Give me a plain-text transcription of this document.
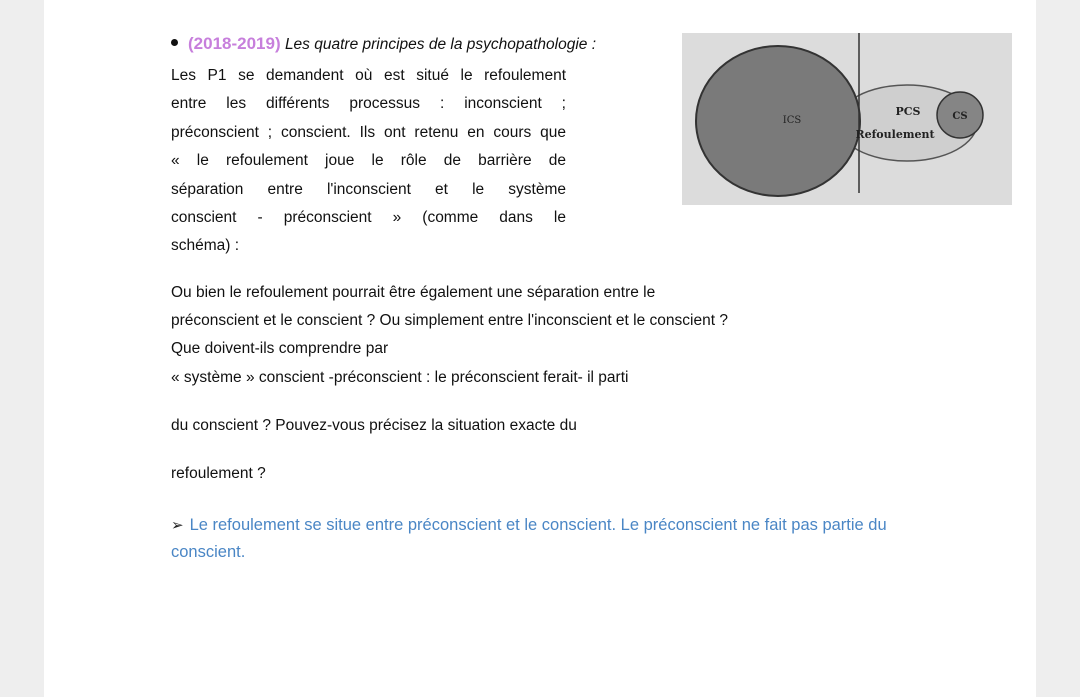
(2018-2019) Les quatre principes de la psychopathologie :
Les P1 se demandent où est situé le refoulement
entre les différents processus : inconscient ;
préconscient ; conscient. Ils ont retenu en cours que
« le refoulement joue le rôle de barrière de
séparation entre l'inconscient et le système
conscient - préconscient » (comme dans le
schéma) :
Ou bien le refoulement pourrait être également une séparation entre le
préconscient et le conscient ? Ou simplement entre l'inconscient et le conscient ?
Que doivent-ils comprendre par
« système » conscient -préconscient : le préconscient ferait- il parti
du conscient ? Pouvez-vous précisez la situation exacte du
refoulement ?
➢ Le refoulement se situe entre préconscient et le conscient. Le préconscient ne fait pas partie du conscient.
ICS
PCS	CS
Refoulement
